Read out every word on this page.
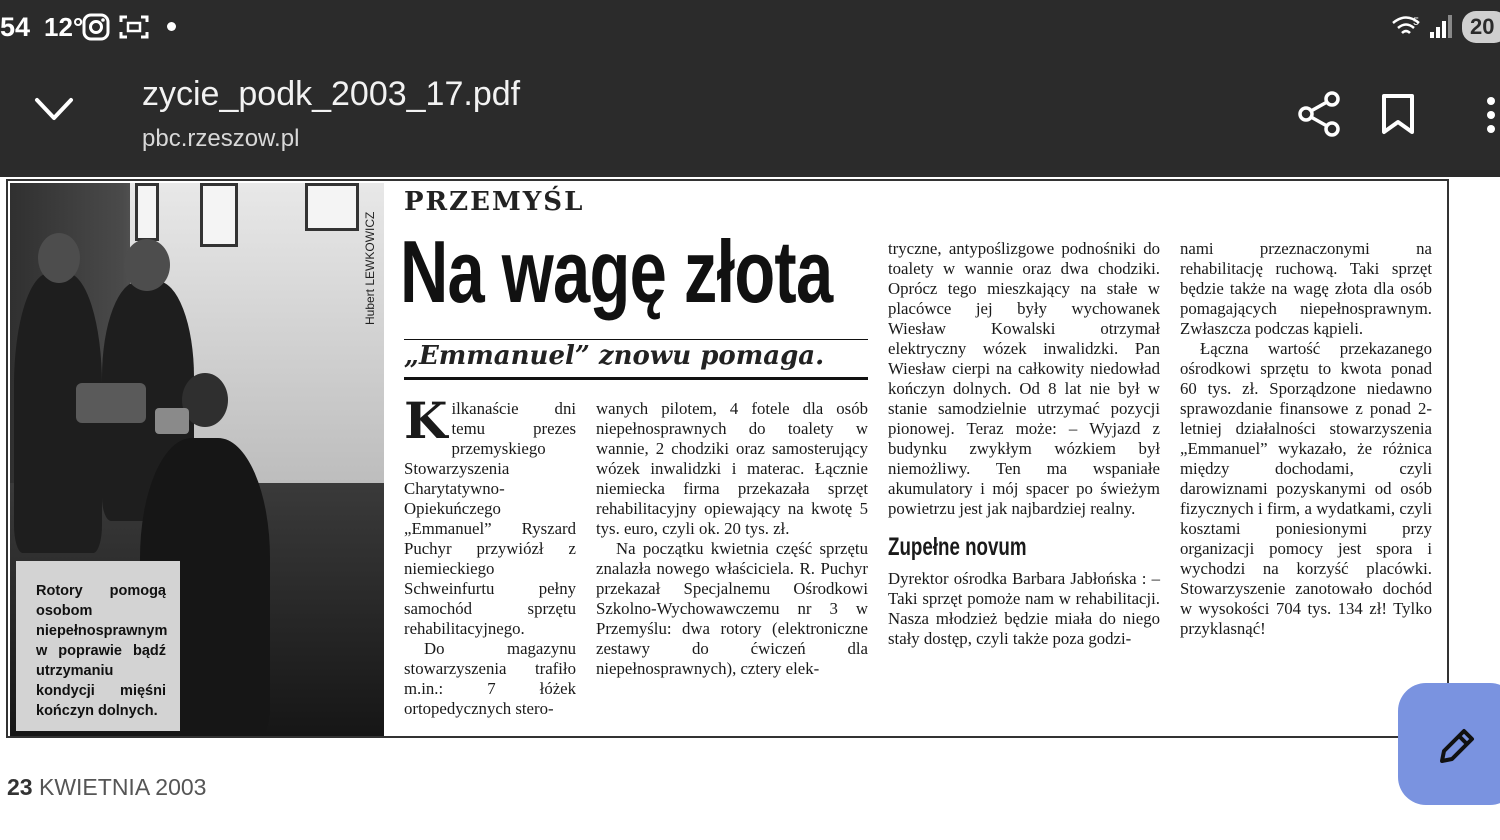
54 12°	5	20
zycie_podk_2003_17.pdf
pbc.rzeszow.pl
Hubert LEWKOWICZ
Rotory pomogą osobom niepełnosprawnym w poprawie bądź utrzymaniu kondycji mięśni kończyn dolnych.
PRZEMYŚL
Na wagę złota
„Emmanuel” znowu pomaga.

Kilkanaście dni temu prezes przemyskiego Stowarzyszenia Charytatywno-Opiekuńczego „Emmanuel” Ryszard Puchyr przywiózł z niemieckiego Schweinfurtu pełny samochód sprzętu rehabilitacyjnego.

Do magazynu stowarzyszenia trafiło m.in.: 7 łóżek ortopedycznych stero-

wanych pilotem, 4 fotele dla osób niepełnosprawnych do toalety w wannie, 2 chodziki oraz samosterujący wózek inwalidzki i materac. Łącznie niemiecka firma przekazała sprzęt rehabilitacyjny opiewający na kwotę 5 tys. euro, czyli ok. 20 tys. zł.

Na początku kwietnia część sprzętu znalazła nowego właściciela. R. Puchyr przekazał Specjalnemu Ośrodkowi Szkolno-Wychowawczemu nr 3 w Przemyślu: dwa rotory (elektroniczne zestawy do ćwiczeń dla niepełnosprawnych), cztery elek-

tryczne, antypoślizgowe podnośniki do toalety w wannie oraz dwa chodziki. Oprócz tego mieszkający na stałe w placówce jej były wychowanek Wiesław Kowalski otrzymał elektryczny wózek inwalidzki. Pan Wiesław cierpi na całkowity niedowład kończyn dolnych. Od 8 lat nie był w stanie samodzielnie utrzymać pozycji pionowej. Teraz może: – Wyjazd z budynku zwykłym wózkiem był niemożliwy. Ten ma wspaniałe akumulatory i mój spacer po świeżym powietrzu jest jak najbardziej realny.

Zupełne novum

Dyrektor ośrodka Barbara Jabłońska : – Taki sprzęt pomoże nam w rehabilitacji. Nasza młodzież będzie miała do niego stały dostęp, czyli także poza godzi-

nami przeznaczonymi na rehabilitację ruchową. Taki sprzęt będzie także na wagę złota dla osób pomagających niepełnosprawnym. Zwłaszcza podczas kąpieli.

Łączna wartość przekazanego ośrodkowi sprzętu to kwota ponad 60 tys. zł. Sporządzone niedawno sprawozdanie finansowe z ponad 2-letniej działalności stowarzyszenia „Emmanuel” wykazało, że różnica między dochodami, czyli darowiznami pozyskanymi od osób fizycznych i firm, a wydatkami, czyli kosztami poniesionymi przy organizacji pomocy jest spora i wychodzi na korzyść placówki. Stowarzyszenie zanotowało dochód w wysokości 704 tys. 134 zł! Tylko przyklasnąć!

23 KWIETNIA 2003
